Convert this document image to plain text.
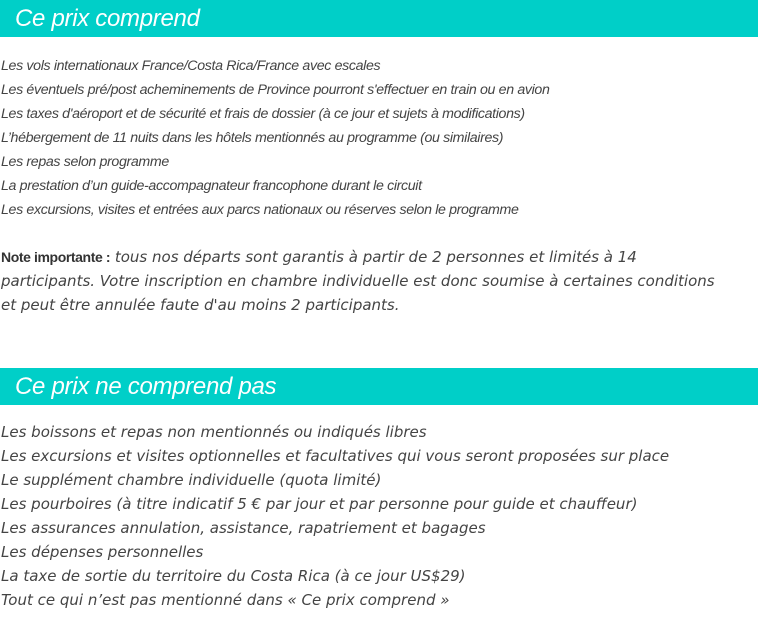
Ce prix comprend
Les vols internationaux France/Costa Rica/France avec escales
Les éventuels pré/post acheminements de Province pourront s'effectuer en train ou en avion
Les taxes d'aéroport et de sécurité et frais de dossier (à ce jour et sujets à modifications)
L’hébergement de 11 nuits dans les hôtels mentionnés au programme (ou similaires)
Les repas selon programme
La prestation d’un guide-accompagnateur francophone durant le circuit
Les excursions, visites et entrées aux parcs nationaux ou réserves selon le programme

Note importante : tous nos départs sont garantis à partir de 2 personnes et limités à 14 participants. Votre inscription en chambre individuelle est donc soumise à certaines conditions et peut être annulée faute d'au moins 2 participants.

Ce prix ne comprend pas
Les boissons et repas non mentionnés ou indiqués libres
Les excursions et visites optionnelles et facultatives qui vous seront proposées sur place
Le supplément chambre individuelle (quota limité)
Les pourboires (à titre indicatif 5 € par jour et par personne pour guide et chauffeur)
Les assurances annulation, assistance, rapatriement et bagages
Les dépenses personnelles
La taxe de sortie du territoire du Costa Rica (à ce jour US$29)
Tout ce qui n’est pas mentionné dans « Ce prix comprend »
